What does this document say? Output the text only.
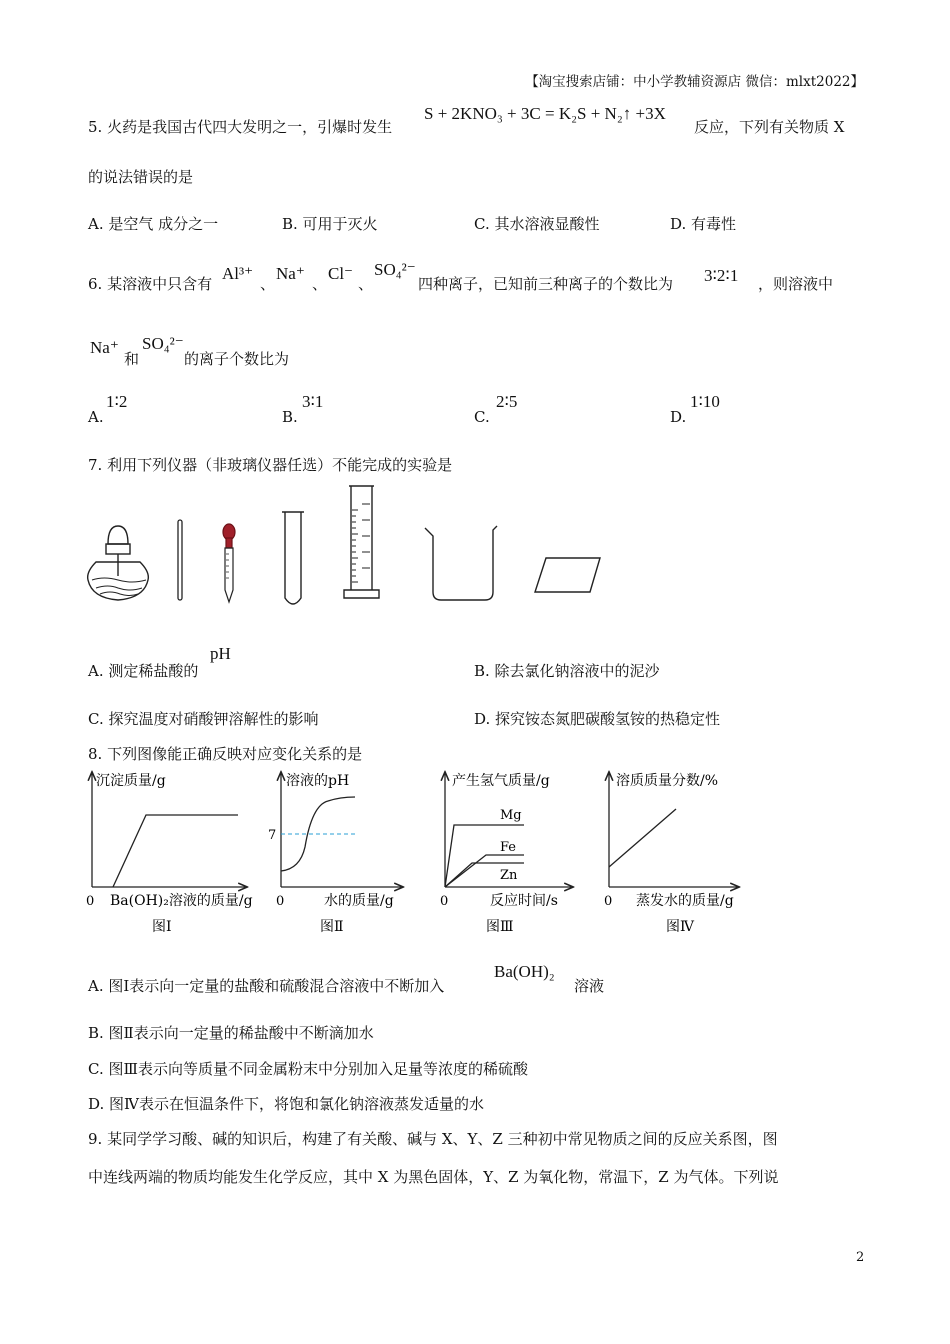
【淘宝搜索店铺：中小学教辅资源店 微信：mlxt2022】
5. 火药是我国古代四大发明之一，引爆时发生
S + 2KNO₃ + 3C = K₂S + N₂↑ +3X
反应，下列有关物质 X
的说法错误的是
A. 是空气 成分之一	B. 可用于灭火	C. 其水溶液显酸性	D. 有毒性
6. 某溶液中只含有
Al³⁺
、
Na⁺
、
Cl⁻
、
SO₄²⁻
四种离子，已知前三种离子的个数比为 3∶2∶1 ，则溶液中
Na⁺
和
SO₄²⁻
的离子个数比为
A.
1∶2
B.
3∶1
C.
2∶5
D.
1∶10
7. 利用下列仪器（非玻璃仪器任选）不能完成的实验是
A. 测定稀盐酸的
pH
B. 除去氯化钠溶液中的泥沙
C. 探究温度对硝酸钾溶解性的影响	D. 探究铵态氮肥碳酸氢铵的热稳定性
8. 下列图像能正确反映对应变化关系的是
沉淀质量/g
0 Ba(OH)₂溶液的质量/g
图Ⅰ
溶液的pH
7
0	水的质量/g
图Ⅱ
产生氢气质量/g
Mg
Fe
Zn
0	反应时间/s
图Ⅲ
溶质质量分数/%
0 蒸发水的质量/g
图Ⅳ
A. 图Ⅰ表示向一定量的盐酸和硫酸混合溶液中不断加入
Ba(OH)₂
溶液
B. 图Ⅱ表示向一定量的稀盐酸中不断滴加水
C. 图Ⅲ表示向等质量不同金属粉末中分别加入足量等浓度的稀硫酸
D. 图Ⅳ表示在恒温条件下，将饱和氯化钠溶液蒸发适量的水
9. 某同学学习酸、碱的知识后，构建了有关酸、碱与 X、Y、Z 三种初中常见物质之间的反应关系图，图
中连线两端的物质均能发生化学反应，其中 X 为黑色固体，Y、Z 为氧化物，常温下，Z 为气体。下列说
2
